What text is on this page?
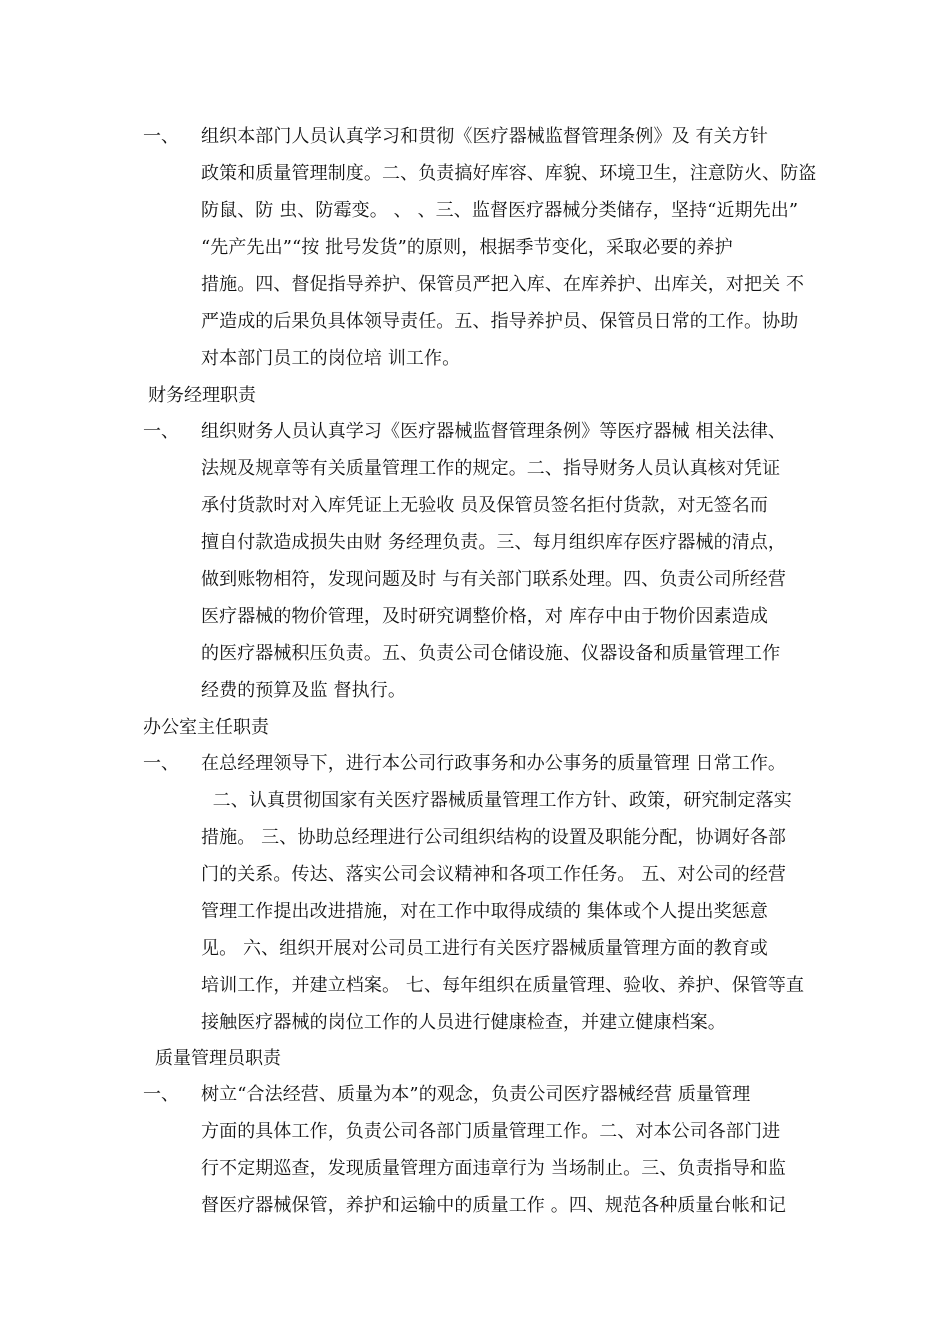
一、 组织本部门人员认真学习和贯彻《医疗器械监督管理条例》及 有关方针
政策和质量管理制度。二、负责搞好库容、库貌、环境卫生，注意防火、防盗
防鼠、防 虫、防霉变。 、 、三、监督医疗器械分类储存，坚持“近期先出”
“先产先出”“按 批号发货”的原则，根据季节变化，采取必要的养护
措施。四、督促指导养护、保管员严把入库、在库养护、出库关，对把关 不
严造成的后果负具体领导责任。五、指导养护员、保管员日常的工作。协助
对本部门员工的岗位培 训工作。
财务经理职责
一、 组织财务人员认真学习《医疗器械监督管理条例》等医疗器械 相关法律、
法规及规章等有关质量管理工作的规定。二、指导财务人员认真核对凭证
承付货款时对入库凭证上无验收 员及保管员签名拒付货款，对无签名而
擅自付款造成损失由财 务经理负责。三、每月组织库存医疗器械的清点，
做到账物相符，发现问题及时 与有关部门联系处理。四、负责公司所经营
医疗器械的物价管理，及时研究调整价格，对 库存中由于物价因素造成
的医疗器械积压负责。五、负责公司仓储设施、仪器设备和质量管理工作
经费的预算及监 督执行。
办公室主任职责
一、 在总经理领导下，进行本公司行政事务和办公事务的质量管理 日常工作。
二、认真贯彻国家有关医疗器械质量管理工作方针、政策，研究制定落实
措施。 三、协助总经理进行公司组织结构的设置及职能分配，协调好各部
门的关系。传达、落实公司会议精神和各项工作任务。 五、对公司的经营
管理工作提出改进措施，对在工作中取得成绩的 集体或个人提出奖惩意
见。 六、组织开展对公司员工进行有关医疗器械质量管理方面的教育或
培训工作，并建立档案。 七、每年组织在质量管理、验收、养护、保管等直
接触医疗器械的岗位工作的人员进行健康检查，并建立健康档案。
质量管理员职责
一、 树立“合法经营、质量为本”的观念，负责公司医疗器械经营 质量管理
方面的具体工作，负责公司各部门质量管理工作。二、对本公司各部门进
行不定期巡查，发现质量管理方面违章行为 当场制止。三、负责指导和监
督医疗器械保管，养护和运输中的质量工作 。四、规范各种质量台帐和记
